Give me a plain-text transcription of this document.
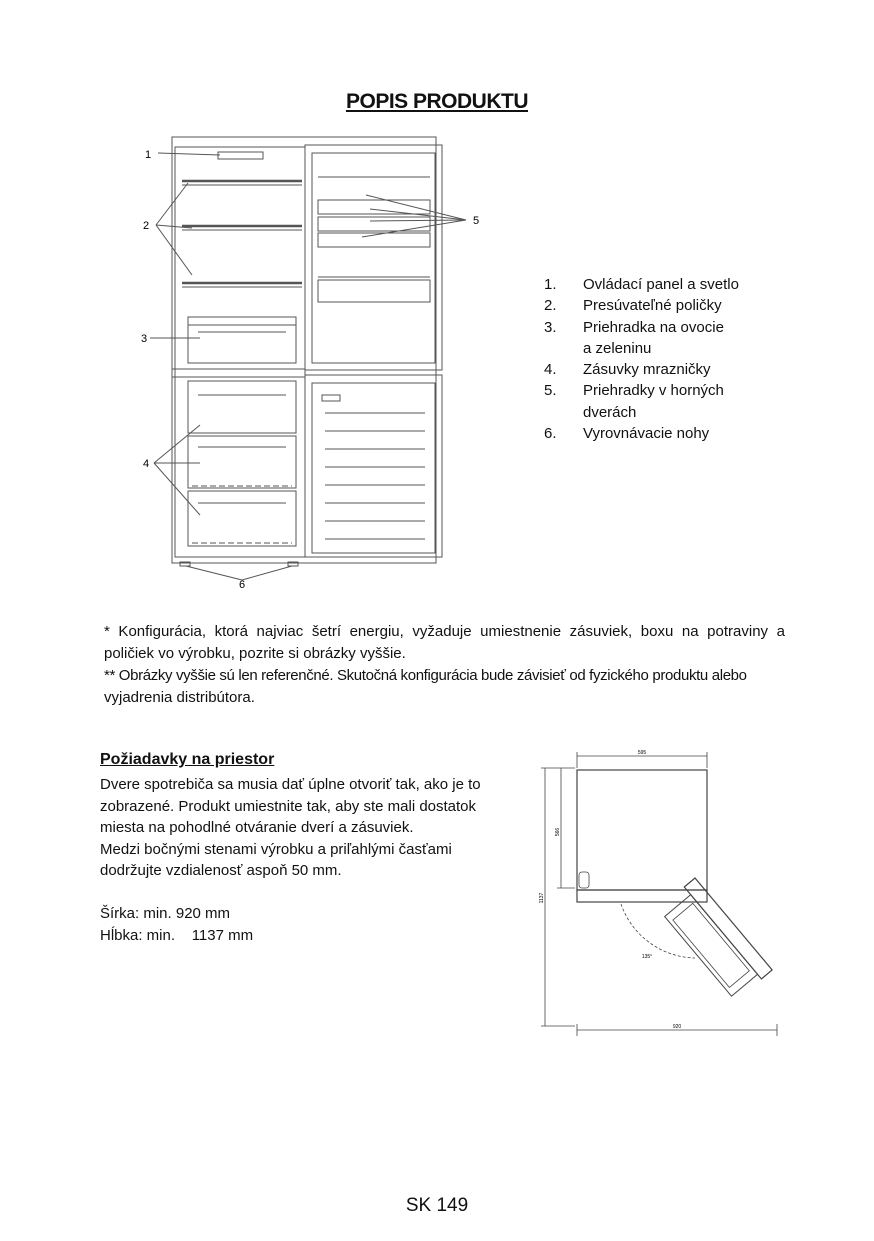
POPIS PRODUKTU
1
2
3
4
5
6
1. Ovládací panel a svetlo
2. Presúvateľné poličky
3. Priehradka na ovocie
a zeleninu
4. Zásuvky mrazničky
5. Priehradky v horných
dverách
6. Vyrovnávacie nohy

* Konfigurácia, ktorá najviac šetrí energiu, vyžaduje umiestnenie zásuviek, boxu na potraviny a

poličiek vo výrobku, pozrite si obrázky vyššie.

** Obrázky vyššie sú len referenčné. Skutočná konfigurácia bude závisieť od fyzického produktu alebo

vyjadrenia distribútora.

Požiadavky na priestor

Dvere spotrebiča sa musia dať úplne otvoriť tak, ako je to

zobrazené. Produkt umiestnite tak, aby ste mali dostatok

miesta na pohodlné otváranie dverí a zásuviek.

Medzi bočnými stenami výrobku a priľahlými časťami

dodržujte vzdialenosť aspoň 50 mm.

Šírka: min. 920 mm

Hĺbka: min.    1137 mm

595
566
1137
135°
920
SK 149
